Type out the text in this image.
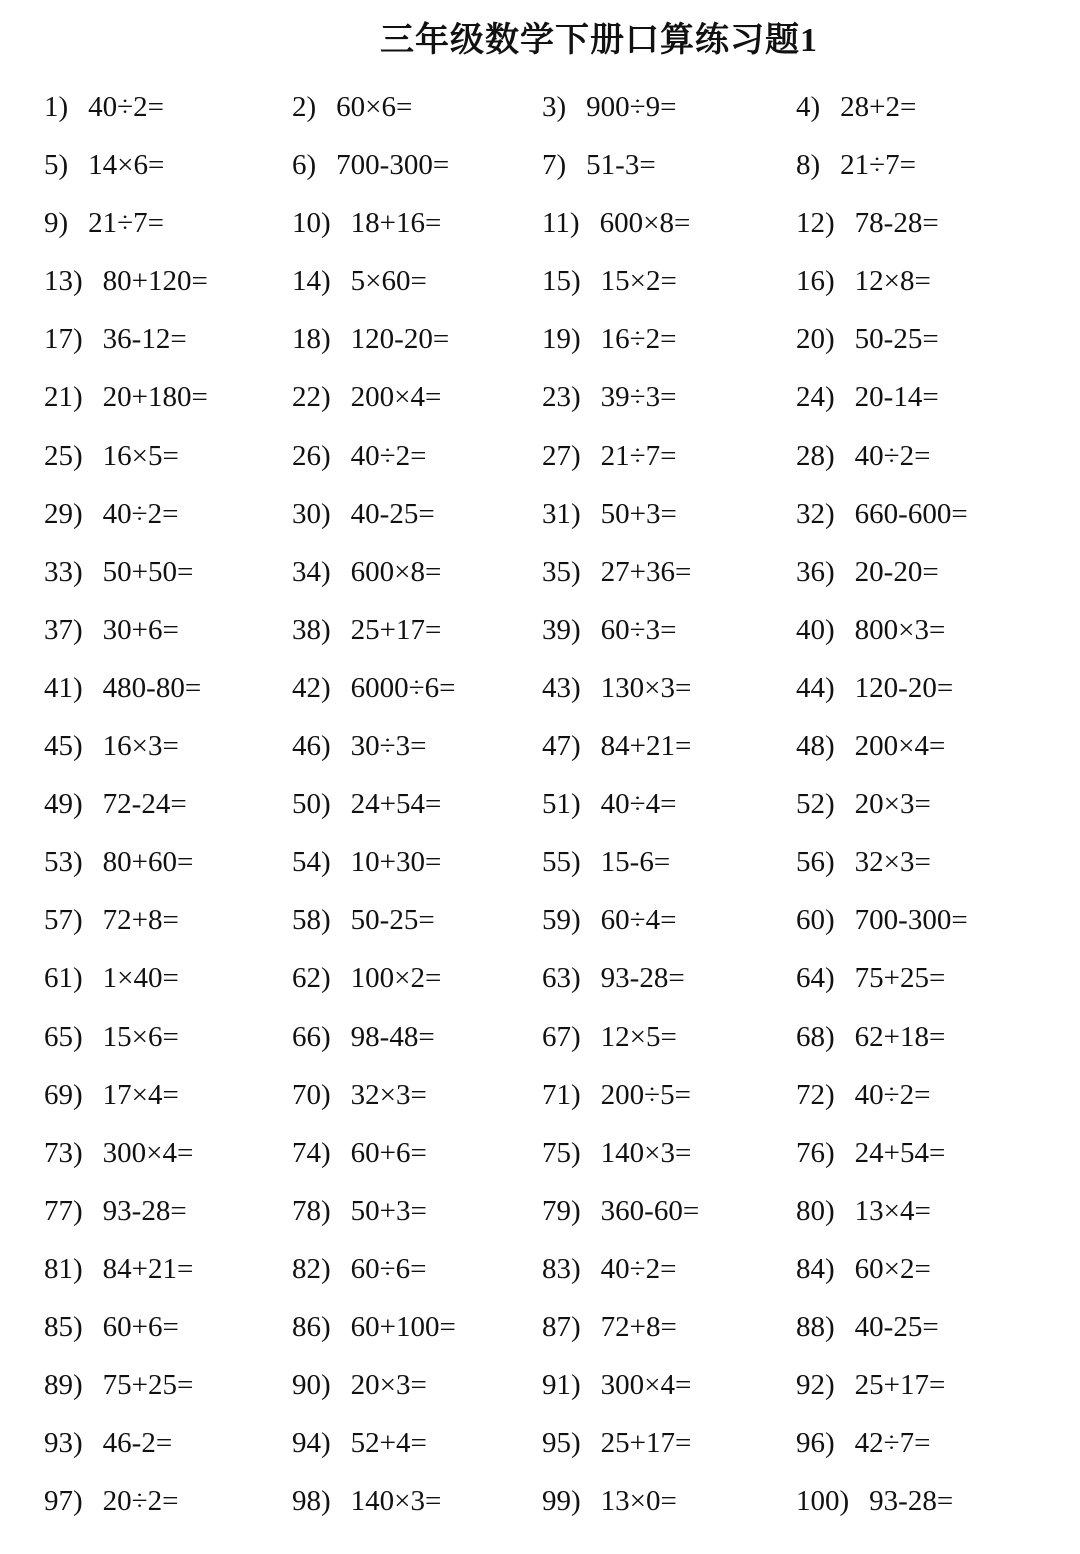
三年级数学下册口算练习题1
1) 40÷2=	2) 60×6=	3) 900÷9=	4) 28+2=
5) 14×6=	6) 700-300=	7) 51-3=	8) 21÷7=
9) 21÷7=	10) 18+16=	11) 600×8=	12) 78-28=
13) 80+120=	14) 5×60=	15) 15×2=	16) 12×8=
17) 36-12=	18) 120-20=	19) 16÷2=	20) 50-25=
21) 20+180=	22) 200×4=	23) 39÷3=	24) 20-14=
25) 16×5=	26) 40÷2=	27) 21÷7=	28) 40÷2=
29) 40÷2=	30) 40-25=	31) 50+3=	32) 660-600=
33) 50+50=	34) 600×8=	35) 27+36=	36) 20-20=
37) 30+6=	38) 25+17=	39) 60÷3=	40) 800×3=
41) 480-80=	42) 6000÷6=	43) 130×3=	44) 120-20=
45) 16×3=	46) 30÷3=	47) 84+21=	48) 200×4=
49) 72-24=	50) 24+54=	51) 40÷4=	52) 20×3=
53) 80+60=	54) 10+30=	55) 15-6=	56) 32×3=
57) 72+8=	58) 50-25=	59) 60÷4=	60) 700-300=
61) 1×40=	62) 100×2=	63) 93-28=	64) 75+25=
65) 15×6=	66) 98-48=	67) 12×5=	68) 62+18=
69) 17×4=	70) 32×3=	71) 200÷5=	72) 40÷2=
73) 300×4=	74) 60+6=	75) 140×3=	76) 24+54=
77) 93-28=	78) 50+3=	79) 360-60=	80) 13×4=
81) 84+21=	82) 60÷6=	83) 40÷2=	84) 60×2=
85) 60+6=	86) 60+100=	87) 72+8=	88) 40-25=
89) 75+25=	90) 20×3=	91) 300×4=	92) 25+17=
93) 46-2=	94) 52+4=	95) 25+17=	96) 42÷7=
97) 20÷2=	98) 140×3=	99) 13×0=	100) 93-28=
